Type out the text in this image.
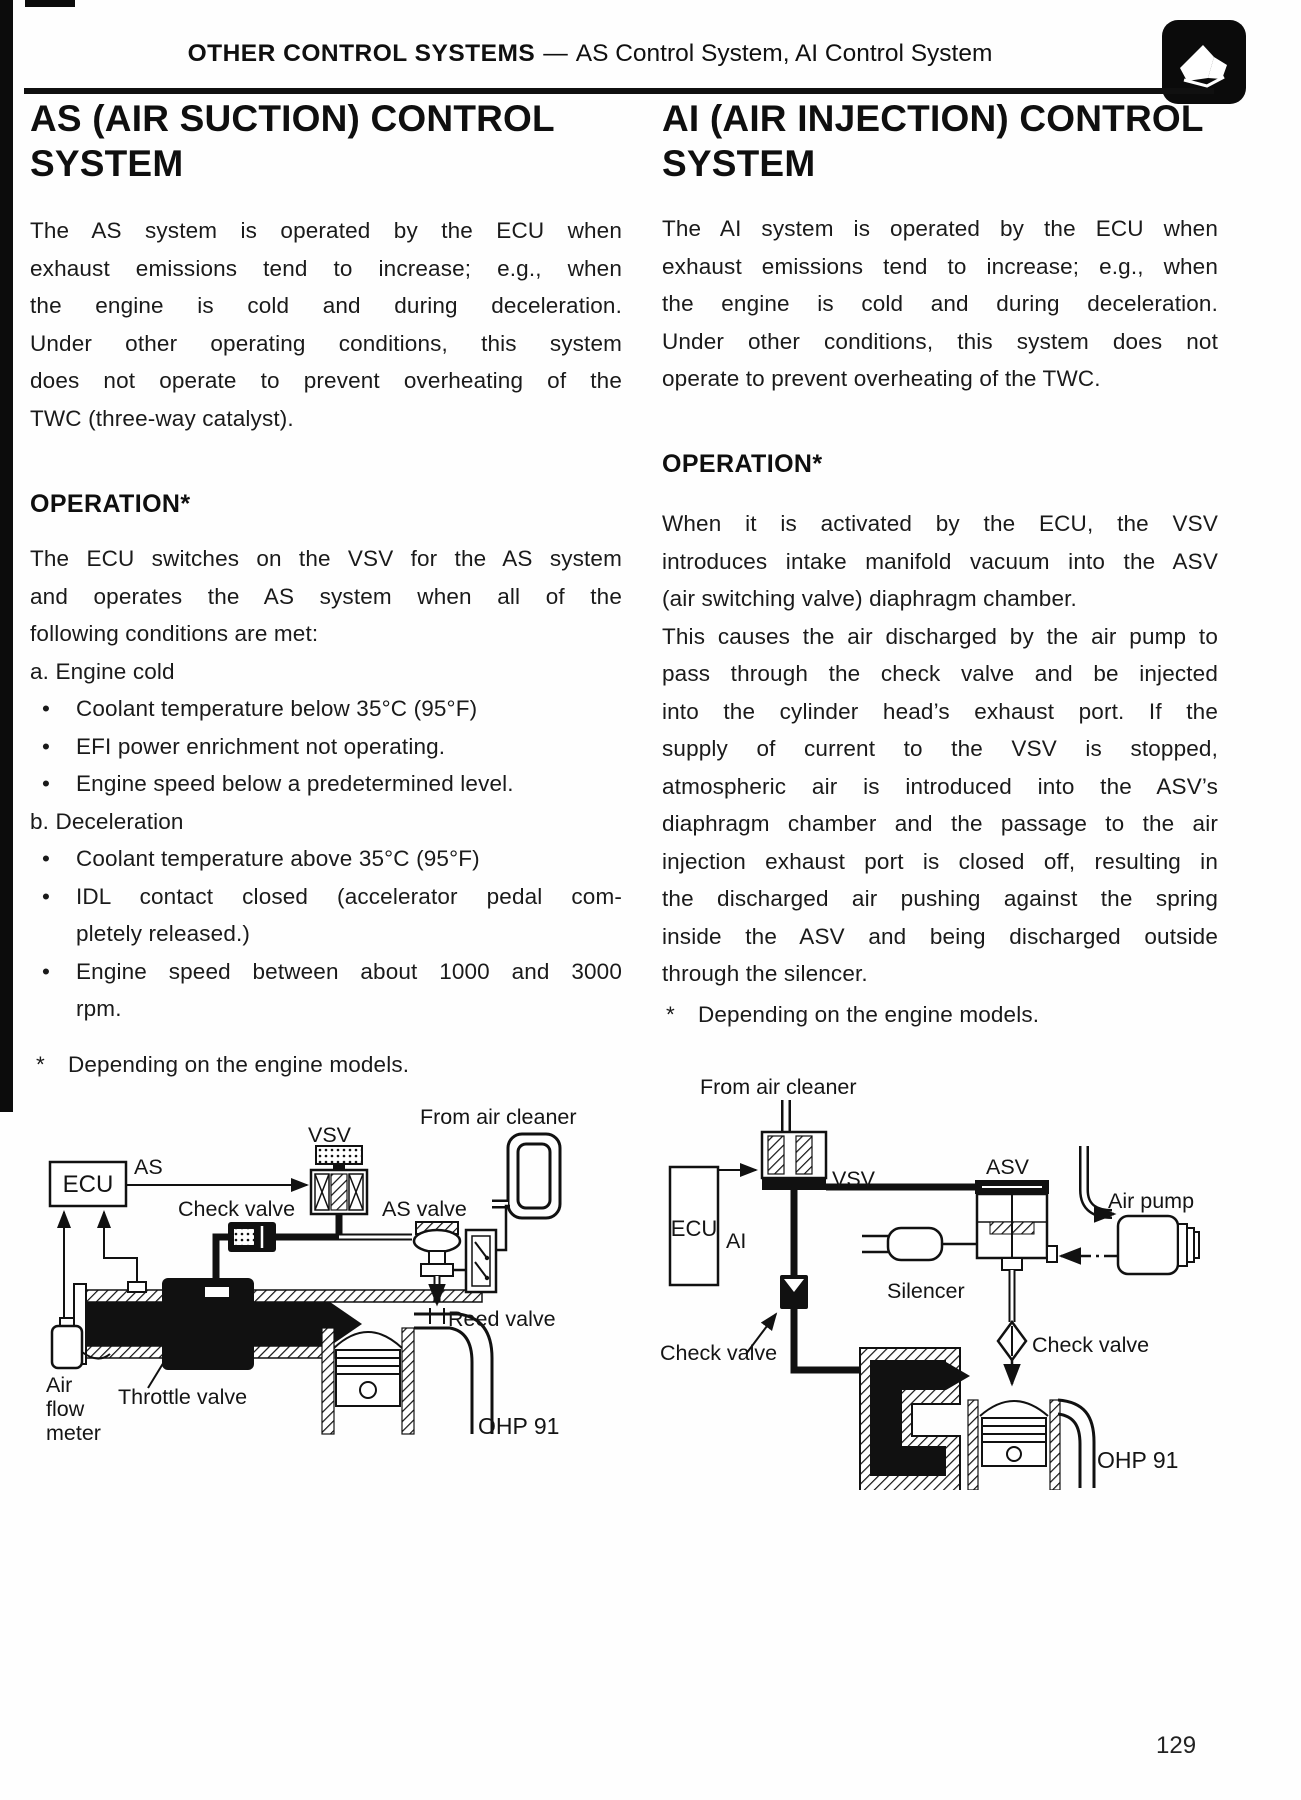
OTHER CONTROL SYSTEMS — AS Control System, AI Control System
AS (AIR SUCTION) CONTROL
SYSTEM
The AS system is operated by the ECU when
exhaust emissions tend to increase; e.g., when
the engine is cold and during deceleration.
Under other operating conditions, this system
does not operate to prevent overheating of the
TWC (three-way catalyst).
OPERATION*
The ECU switches on the VSV for the AS system
and operates the AS system when all of the
following conditions are met:
a. Engine cold
• Coolant temperature below 35°C (95°F)
• EFI power enrichment not operating.
• Engine speed below a predetermined level.
b. Deceleration
• Coolant temperature above 35°C (95°F)
• IDL contact closed (accelerator pedal com-
pletely released.)
• Engine speed between about 1000 and 3000
rpm.
* Depending on the engine models.
AI (AIR INJECTION) CONTROL
SYSTEM
The AI system is operated by the ECU when
exhaust emissions tend to increase; e.g., when
the engine is cold and during deceleration.
Under other conditions, this system does not
operate to prevent overheating of the TWC.
OPERATION*
When it is activated by the ECU, the VSV
introduces intake manifold vacuum into the ASV
(air switching valve) diaphragm chamber.
This causes the air discharged by the air pump to
pass through the check valve and be injected
into the cylinder head’s exhaust port. If the
supply of current to the VSV is stopped,
atmospheric air is introduced into the ASV’s
diaphragm chamber and the passage to the air
injection exhaust port is closed off, resulting in
the discharged air pushing against the spring
inside the ASV and being discharged outside
through the silencer.
* Depending on the engine models.
ECU
From air cleaner
VSV
AS
Check valve	AS valve
Reed valve
Air
flow
meter
Throttle valve
OHP 91
ECU
From air cleaner
VSV
AI
ASV
Air pump
Silencer
Check valve	Check valve
OHP 91
129
